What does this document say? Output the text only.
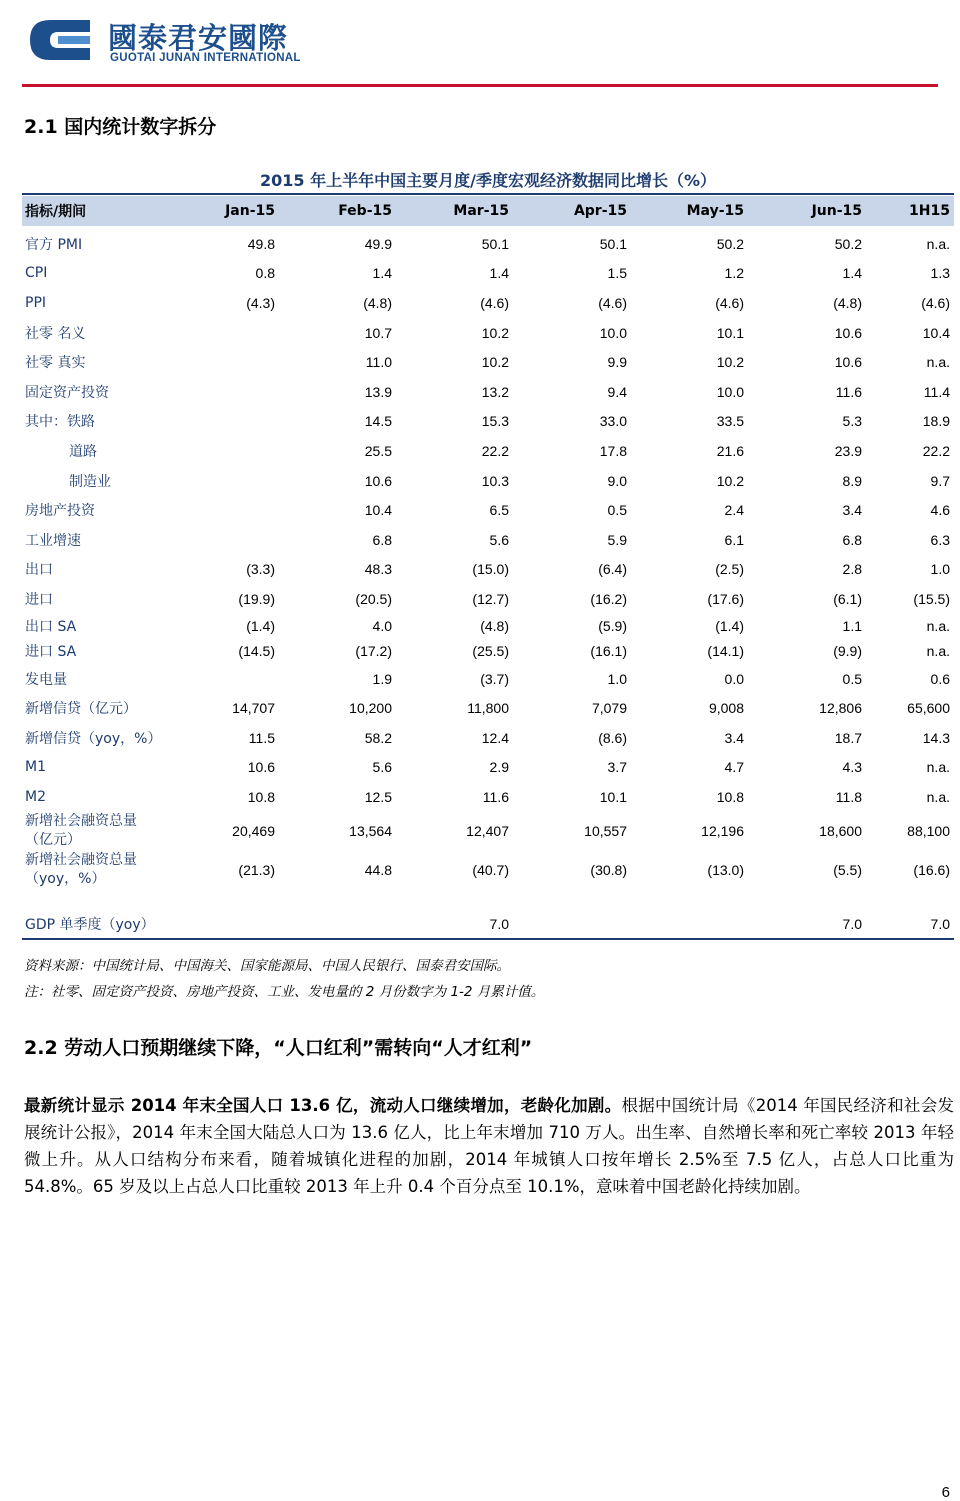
國泰君安國際
GUOTAI JUNAN INTERNATIONAL
2.1 国内统计数字拆分
2015 年上半年中国主要月度/季度宏观经济数据同比增长（%）
指标/期间	Jan-15	Feb-15	Mar-15	Apr-15	May-15	Jun-15	1H15

官方 PMI	49.8	49.9	50.1	50.1	50.2	50.2	n.a.
CPI	0.8	1.4	1.4	1.5	1.2	1.4	1.3
PPI	(4.3)	(4.8)	(4.6)	(4.6)	(4.6)	(4.8)	(4.6)
社零 名义		10.7	10.2	10.0	10.1	10.6	10.4
社零 真实		11.0	10.2	9.9	10.2	10.6	n.a.
固定资产投资		13.9	13.2	9.4	10.0	11.6	11.4
其中：铁路		14.5	15.3	33.0	33.5	5.3	18.9
道路		25.5	22.2	17.8	21.6	23.9	22.2
制造业		10.6	10.3	9.0	10.2	8.9	9.7
房地产投资		10.4	6.5	0.5	2.4	3.4	4.6
工业增速		6.8	5.6	5.9	6.1	6.8	6.3
出口	(3.3)	48.3	(15.0)	(6.4)	(2.5)	2.8	1.0
进口	(19.9)	(20.5)	(12.7)	(16.2)	(17.6)	(6.1)	(15.5)
出口 SA	(1.4)	4.0	(4.8)	(5.9)	(1.4)	1.1	n.a.
进口 SA	(14.5)	(17.2)	(25.5)	(16.1)	(14.1)	(9.9)	n.a.
发电量		1.9	(3.7)	1.0	0.0	0.5	0.6
新增信贷（亿元）	14,707	10,200	11,800	7,079	9,008	12,806	65,600
新增信贷（yoy，%）	11.5	58.2	12.4	(8.6)	3.4	18.7	14.3
M1	10.6	5.6	2.9	3.7	4.7	4.3	n.a.
M2	10.8	12.5	11.6	10.1	10.8	11.8	n.a.
新增社会融资总量
（亿元）	20,469	13,564	12,407	10,557	12,196	18,600	88,100
新增社会融资总量
（yoy，%）	(21.3)	44.8	(40.7)	(30.8)	(13.0)	(5.5)	(16.6)

GDP 单季度（yoy）			7.0			7.0	7.0
资料来源：中国统计局、中国海关、国家能源局、中国人民银行、国泰君安国际。
注：社零、固定资产投资、房地产投资、工业、发电量的 2 月份数字为 1-2 月累计值。
2.2 劳动人口预期继续下降，“人口红利”需转向“人才红利”
最新统计显示 2014 年末全国人口 13.6 亿，流动人口继续增加，老龄化加剧。根据中国统计局《2014 年国民经济和社会发展统计公报》，2014 年末全国大陆总人口为 13.6 亿人，比上年末增加 710 万人。出生率、自然增长率和死亡率较 2013 年轻微上升。从人口结构分布来看，随着城镇化进程的加剧，2014 年城镇人口按年增长 2.5%至 7.5 亿人，占总人口比重为 54.8%。65 岁及以上占总人口比重较 2013 年上升 0.4 个百分点至 10.1%，意味着中国老龄化持续加剧。
6
